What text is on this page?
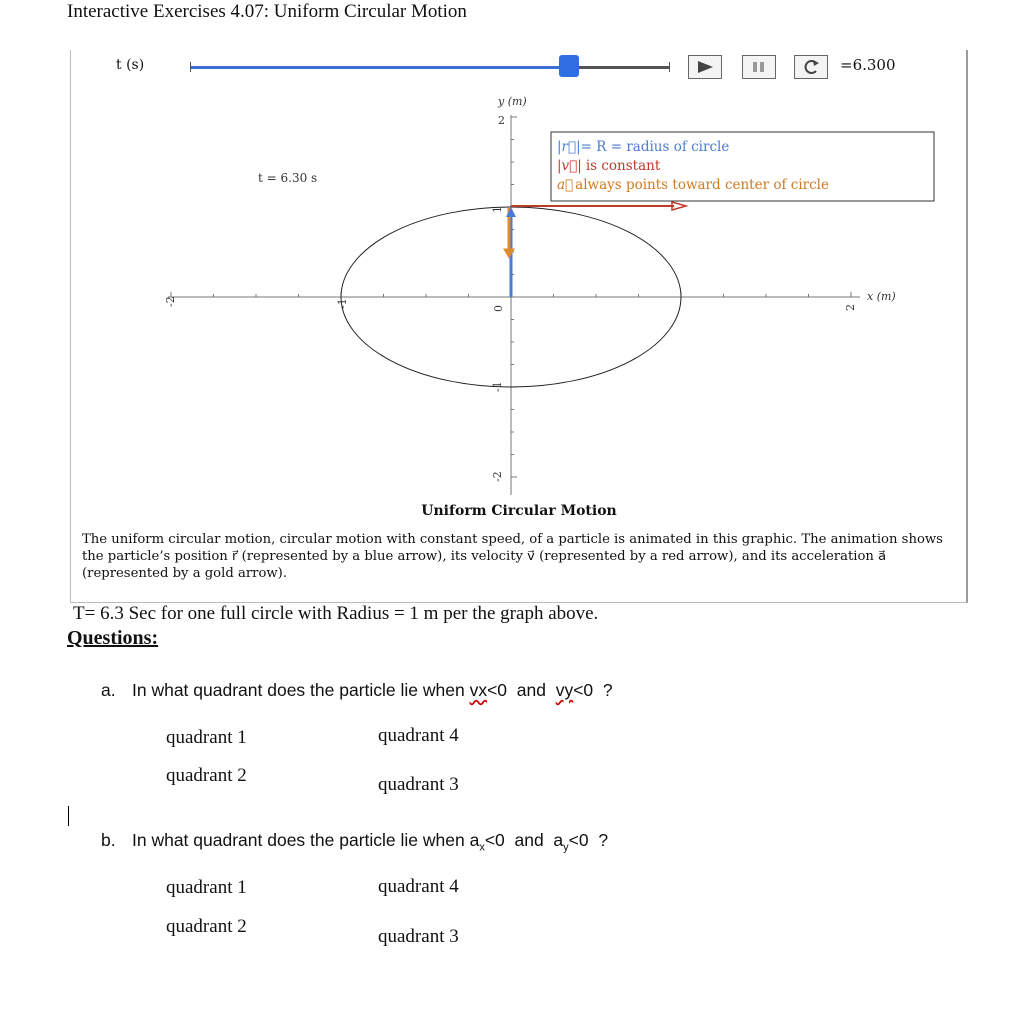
Interactive Exercises 4.07: Uniform Circular Motion
t (s)	=6.300
-2	-1	0	2
2
1
-1
-2
x (m)
y (m)
t = 6.30 s
|r⃗|= R = radius of circle
|v⃗| is constant
a⃗ always points toward center of circle
Uniform Circular Motion
The uniform circular motion, circular motion with constant speed, of a particle is animated in this graphic. The animation shows the particle’s position r⃗ (represented by a blue arrow), its velocity v⃗ (represented by a red arrow), and its acceleration a⃗ (represented by a gold arrow).
T= 6.3 Sec for one full circle with Radius = 1 m per the graph above.
Questions:
a. In what quadrant does the particle lie when vx<0  and  vy<0  ?
quadrant 1
quadrant 2
quadrant 4
quadrant 3
b. In what quadrant does the particle lie when $a_x<0$  and  $a_y<0$  ?
quadrant 1
quadrant 2
quadrant 4
quadrant 3
